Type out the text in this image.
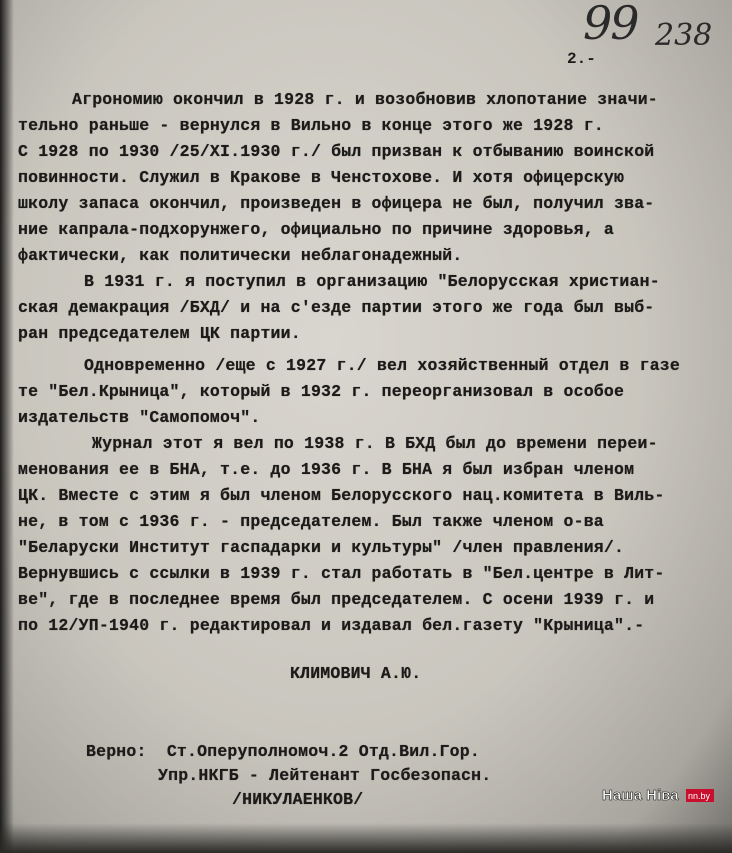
99 238
2.-
Агрономию окончил в 1928 г. и возобновив хлопотание значи-
тельно раньше - вернулся в Вильно в конце этого же 1928 г.
С 1928 по 1930 /25/XI.1930 г./ был призван к отбыванию воинской
повинности. Служил в Кракове в Ченстохове. И хотя офицерскую
школу запаса окончил, произведен в офицера не был, получил зва-
ние капрала-подхорунжего, официально по причине здоровья, а
фактически, как политически неблагонадежный.
В 1931 г. я поступил в организацию "Белорусская христиан-
ская демакрация /БХД/ и на с'езде партии этого же года был выб-
ран председателем ЦК партии.
Одновременно /еще с 1927 г./ вел хозяйственный отдел в газе
те "Бел.Крыница", который в 1932 г. переорганизовал в особое
издательств "Самопомоч".
Журнал этот я вел по 1938 г. В БХД был до времени переи-
менования ее в БНА, т.е. до 1936 г. В БНА я был избран членом
ЦК. Вместе с этим я был членом Белорусского нац.комитета в Виль-
не, в том с 1936 г. - председателем. Был также членом о-ва
"Беларуски Институт гаспадарки и культуры" /член правления/.
Вернувшись с ссылки в 1939 г. стал работать в "Бел.центре в Лит-
ве", где в последнее время был председателем. С осени 1939 г. и
по 12/УП-1940 г. редактировал и издавал бел.газету "Крыница".-
КЛИМОВИЧ А.Ю.
Верно:  Ст.Оперуполномоч.2 Отд.Вил.Гор.
Упр.НКГБ - Лейтенант Госбезопасн.
/НИКУЛАЕНКОВ/	Наша Ніва nn.by
